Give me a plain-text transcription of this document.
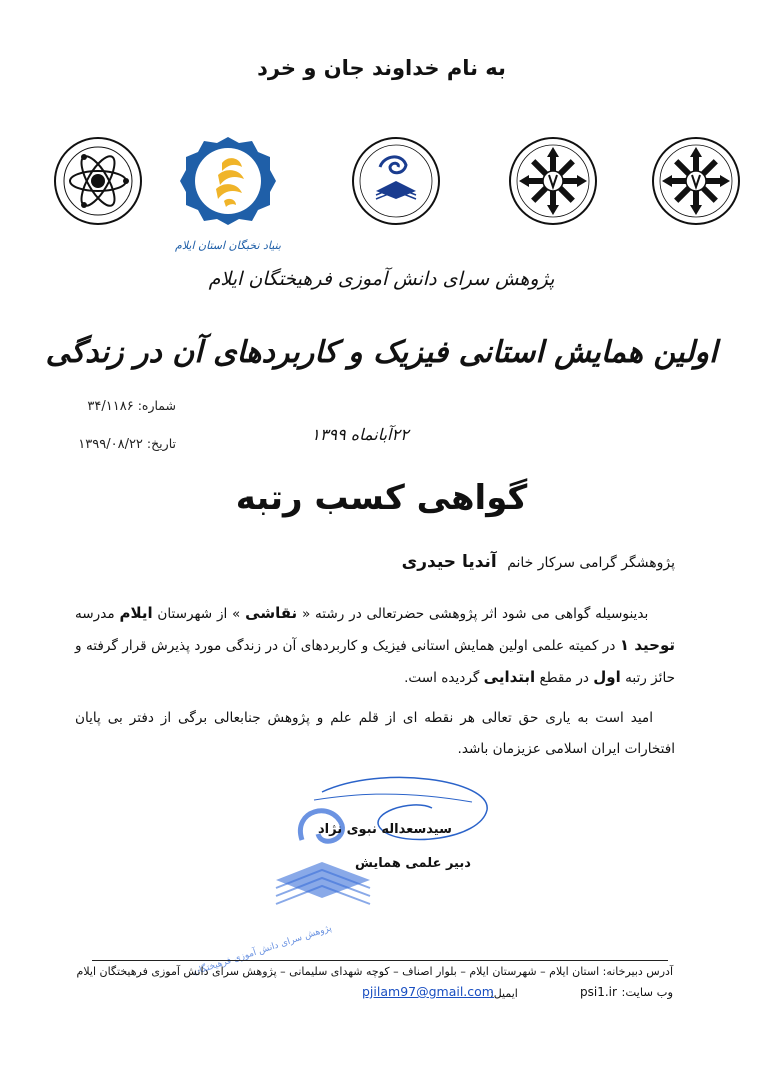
به نام خداوند جان و خرد
بنیاد نخبگان استان ایلام
پژوهش سرای دانش آموزی فرهیختگان ایلام
اولین همایش استانی فیزیک و کاربردهای آن در زندگی
شماره: ۳۴/۱۱۸۶
تاریخ: ۱۳۹۹/۰۸/۲۲
۲۲آبانماه ۱۳۹۹
گواهی کسب رتبه
پژوهشگر گرامی سرکار خانم آندیا حیدری
بدینوسیله گواهی می شود اثر پژوهشی حضرتعالی در رشته « نقاشی » از شهرستان ایلام مدرسه توحید ۱ در کمیته علمی اولین همایش استانی فیزیک و کاربردهای آن در زندگی مورد پذیرش قرار گرفته و حائز رتبه اول در مقطع ابتدایی گردیده است.
امید است به یاری حق تعالی هر نقطه ای از قلم علم و پژوهش جنابعالی برگی از دفتر بی پایان افتخارات ایران اسلامی عزیزمان باشد.
پژوهش سرای دانش آموزی فرهیختگان
سیدسعداله نبوی نژاد
دبیر علمی همایش
آدرس دبیرخانه: استان ایلام – شهرستان ایلام – بلوار اصناف – کوچه شهدای سلیمانی – پژوهش سرای دانش آموزی فرهیختگان ایلام
وب سایت:
psi1.ir
ایمیل:
pjilam97@gmail.com
